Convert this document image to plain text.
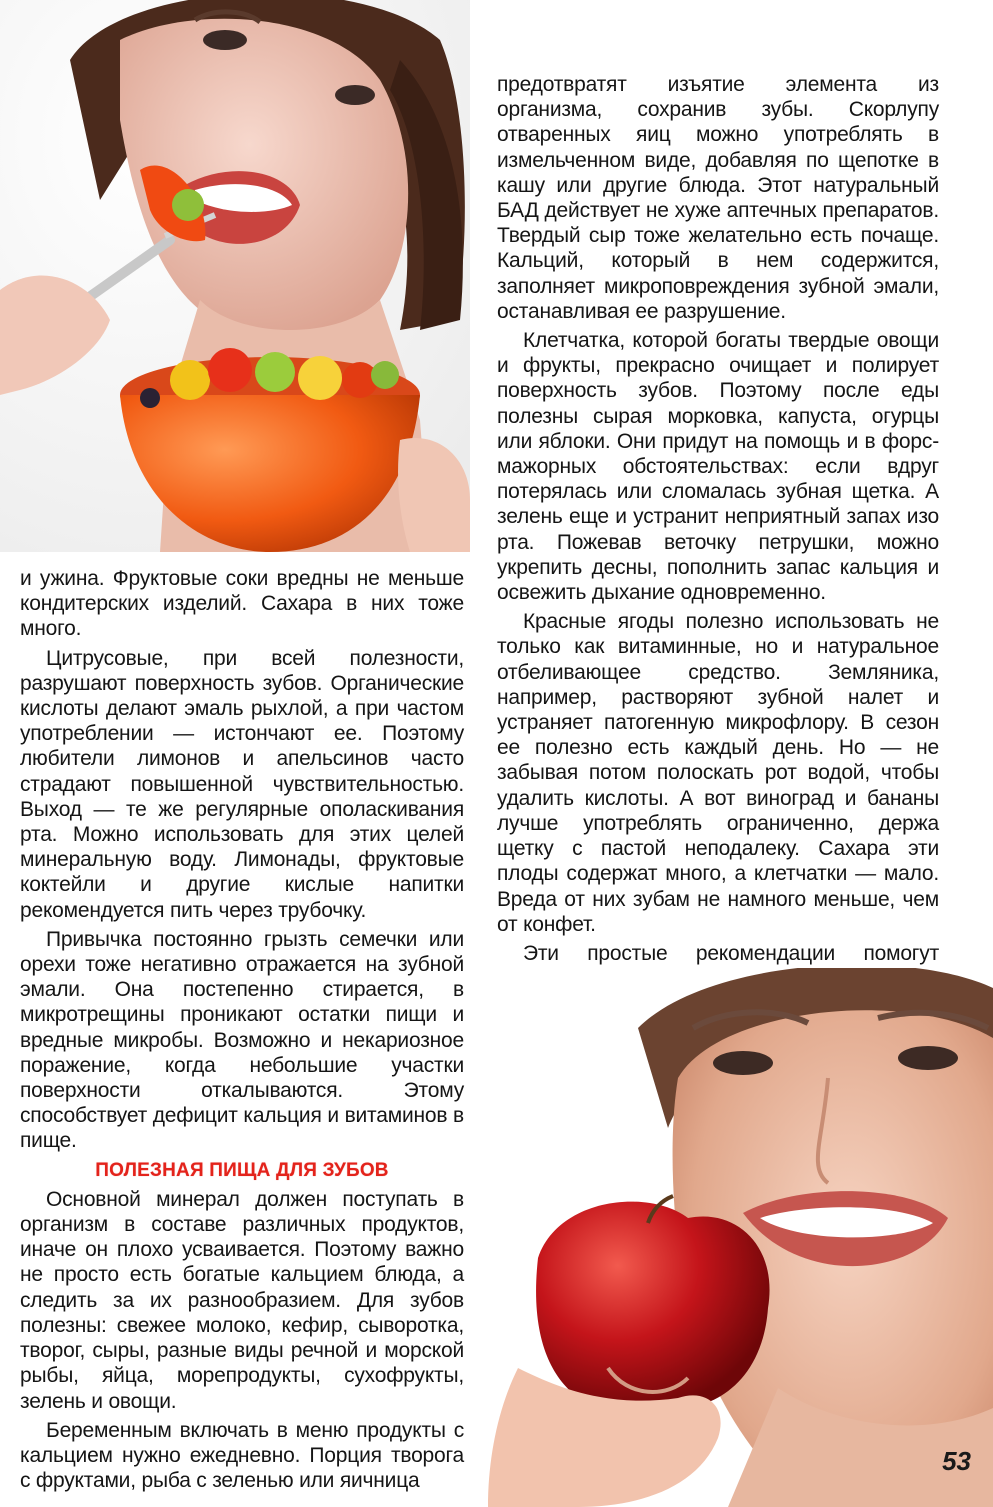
и ужина. Фруктовые соки вредны не меньше кондитерских изделий. Сахара в них тоже много.

Цитрусовые, при всей полезности, разрушают поверхность зубов. Органические кислоты делают эмаль рыхлой, а при частом употреблении — истончают ее. Поэтому любители лимонов и апельсинов часто страдают повышенной чувствительностью. Выход — те же регулярные ополаскивания рта. Можно использовать для этих целей минеральную воду. Лимонады, фруктовые коктейли и другие кислые напитки рекомендуется пить через трубочку.

Привычка постоянно грызть семечки или орехи тоже негативно отражается на зубной эмали. Она постепенно стирается, в микротрещины проникают остатки пищи и вредные микробы. Возможно и некариозное поражение, когда небольшие участки поверхности откалываются. Этому способствует дефицит кальция и витаминов в пище.

ПОЛЕЗНАЯ ПИЩА ДЛЯ ЗУБОВ

Основной минерал должен поступать в организм в составе различных продуктов, иначе он плохо усваивается. Поэтому важно не просто есть богатые кальцием блюда, а следить за их разнообразием. Для зубов полезны: свежее молоко, кефир, сыворотка, творог, сыры, разные виды речной и морской рыбы, яйца, морепродукты, сухофрукты, зелень и овощи.

Беременным включать в меню продукты с кальцием нужно ежедневно. Порция творога с фруктами, рыба с зеленью или яичница

предотвратят изъятие элемента из организма, сохранив зубы. Скорлупу отваренных яиц можно употреблять в измельченном виде, добавляя по щепотке в кашу или другие блюда. Этот натуральный БАД действует не хуже аптечных препаратов. Твердый сыр тоже желательно есть почаще. Кальций, который в нем содержится, заполняет микроповреждения зубной эмали, останавливая ее разрушение.

Клетчатка, которой богаты твердые овощи и фрукты, прекрасно очищает и полирует поверхность зубов. Поэтому после еды полезны сырая морковка, капуста, огурцы или яблоки. Они придут на помощь и в форс-мажорных обстоятельствах: если вдруг потерялась или сломалась зубная щетка. А зелень еще и устранит неприятный запах изо рта. Пожевав веточку петрушки, можно укрепить десны, пополнить запас кальция и освежить дыхание одновременно.

Красные ягоды полезно использовать не только как витаминные, но и натуральное отбеливающее средство. Земляника, например, растворяют зубной налет и устраняет патогенную микрофлору. В сезон ее полезно есть каждый день. Но — не забывая потом полоскать рот водой, чтобы удалить кислоты. А вот виноград и бананы лучше употреблять ограниченно, держа щетку с пастой неподалеку. Сахара эти плоды содержат много, а клетчатки — мало. Вреда от них зубам не намного меньше, чем от конфет.

Эти простые рекомендации помогут

53
